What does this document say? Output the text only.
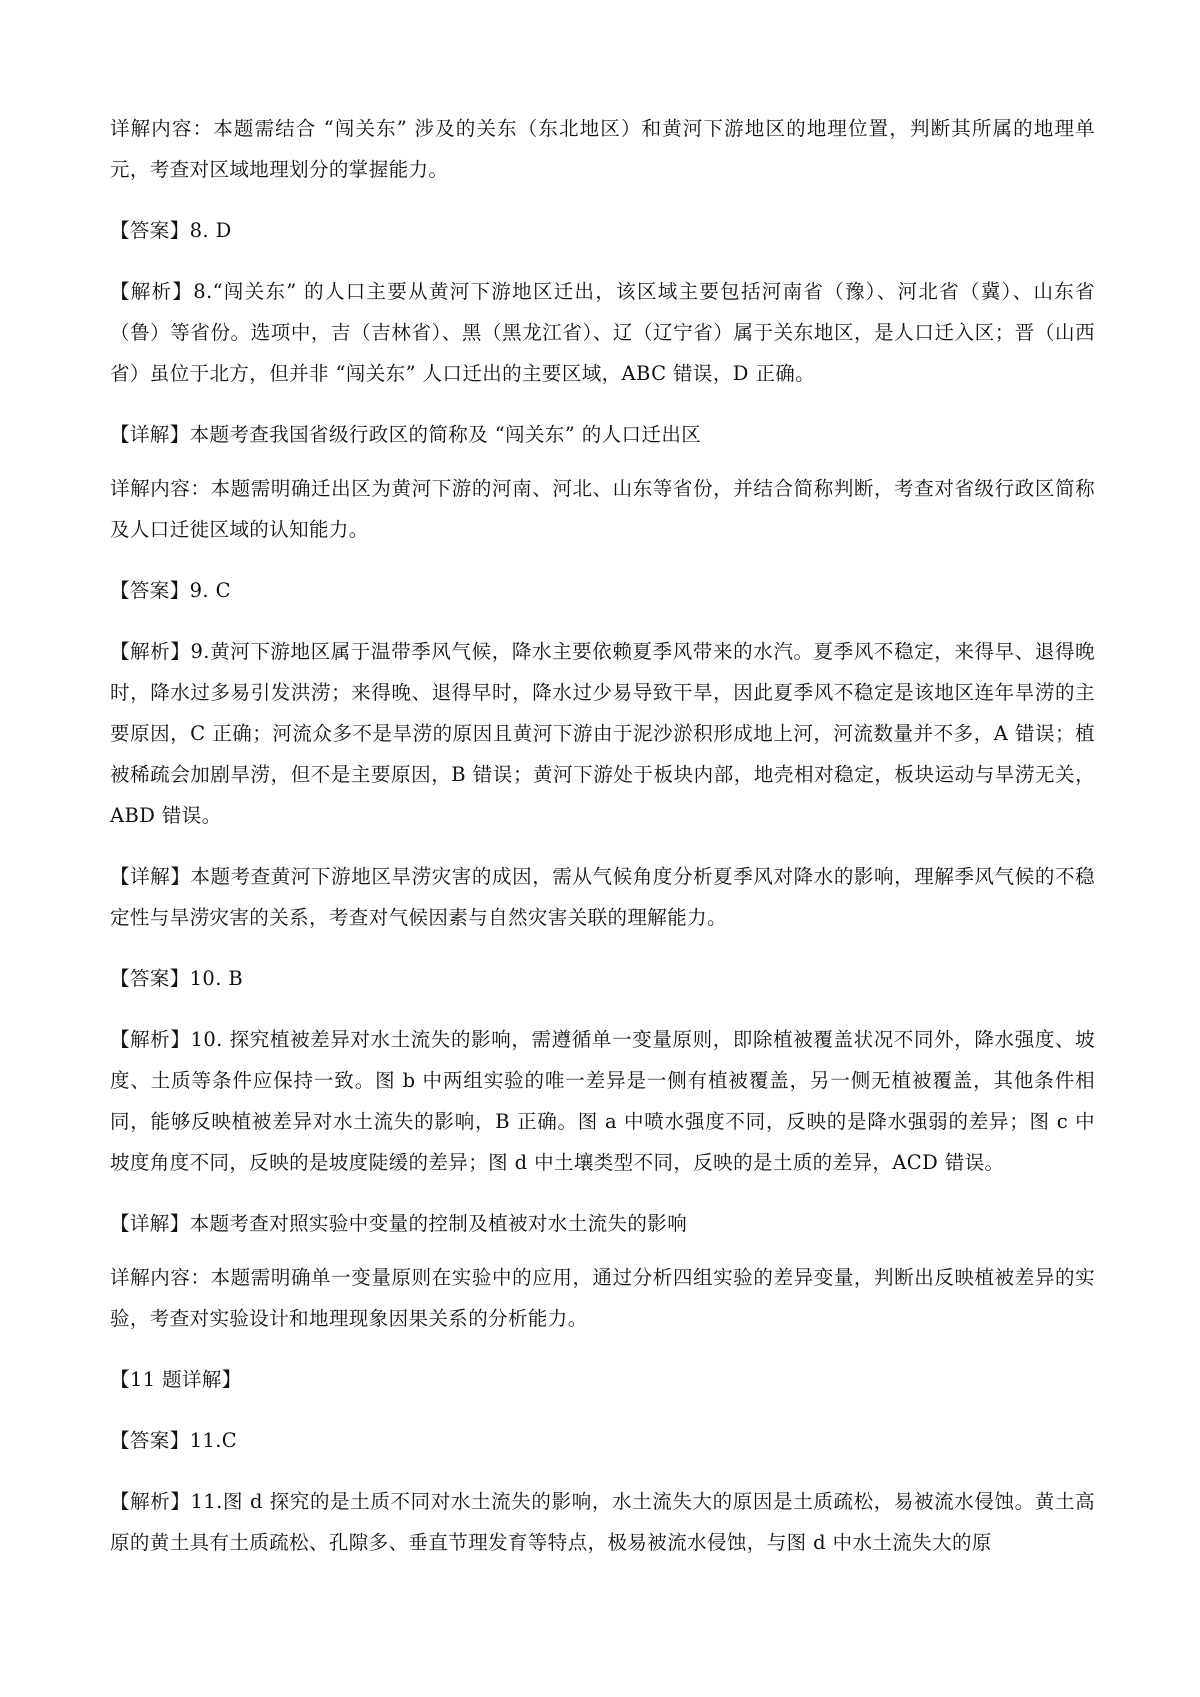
详解内容：本题需结合 “闯关东” 涉及的关东（东北地区）和黄河下游地区的地理位置，判断其所属的地理单元，考查对区域地理划分的掌握能力。

【答案】8. D

【解析】8.“闯关东” 的人口主要从黄河下游地区迁出，该区域主要包括河南省（豫）、河北省（冀）、山东省（鲁）等省份。选项中，吉（吉林省）、黑（黑龙江省）、辽（辽宁省）属于关东地区，是人口迁入区；晋（山西省）虽位于北方，但并非 “闯关东” 人口迁出的主要区域，ABC 错误，D 正确。

【详解】本题考查我国省级行政区的简称及 “闯关东” 的人口迁出区

详解内容：本题需明确迁出区为黄河下游的河南、河北、山东等省份，并结合简称判断，考查对省级行政区简称及人口迁徙区域的认知能力。

【答案】9. C

【解析】9.黄河下游地区属于温带季风气候，降水主要依赖夏季风带来的水汽。夏季风不稳定，来得早、退得晚时，降水过多易引发洪涝；来得晚、退得早时，降水过少易导致干旱，因此夏季风不稳定是该地区连年旱涝的主要原因，C 正确；河流众多不是旱涝的原因且黄河下游由于泥沙淤积形成地上河，河流数量并不多，A 错误；植被稀疏会加剧旱涝，但不是主要原因，B 错误；黄河下游处于板块内部，地壳相对稳定，板块运动与旱涝无关，ABD 错误。

【详解】本题考查黄河下游地区旱涝灾害的成因，需从气候角度分析夏季风对降水的影响，理解季风气候的不稳定性与旱涝灾害的关系，考查对气候因素与自然灾害关联的理解能力。

【答案】10. B

【解析】10. 探究植被差异对水土流失的影响，需遵循单一变量原则，即除植被覆盖状况不同外，降水强度、坡度、土质等条件应保持一致。图 b 中两组实验的唯一差异是一侧有植被覆盖，另一侧无植被覆盖，其他条件相同，能够反映植被差异对水土流失的影响，B 正确。图 a 中喷水强度不同，反映的是降水强弱的差异；图 c 中坡度角度不同，反映的是坡度陡缓的差异；图 d 中土壤类型不同，反映的是土质的差异，ACD 错误。

【详解】本题考查对照实验中变量的控制及植被对水土流失的影响

详解内容：本题需明确单一变量原则在实验中的应用，通过分析四组实验的差异变量，判断出反映植被差异的实验，考查对实验设计和地理现象因果关系的分析能力。

【11 题详解】

【答案】11.C

【解析】11.图 d 探究的是土质不同对水土流失的影响，水土流失大的原因是土质疏松，易被流水侵蚀。黄土高原的黄土具有土质疏松、孔隙多、垂直节理发育等特点，极易被流水侵蚀，与图 d 中水土流失大的原
